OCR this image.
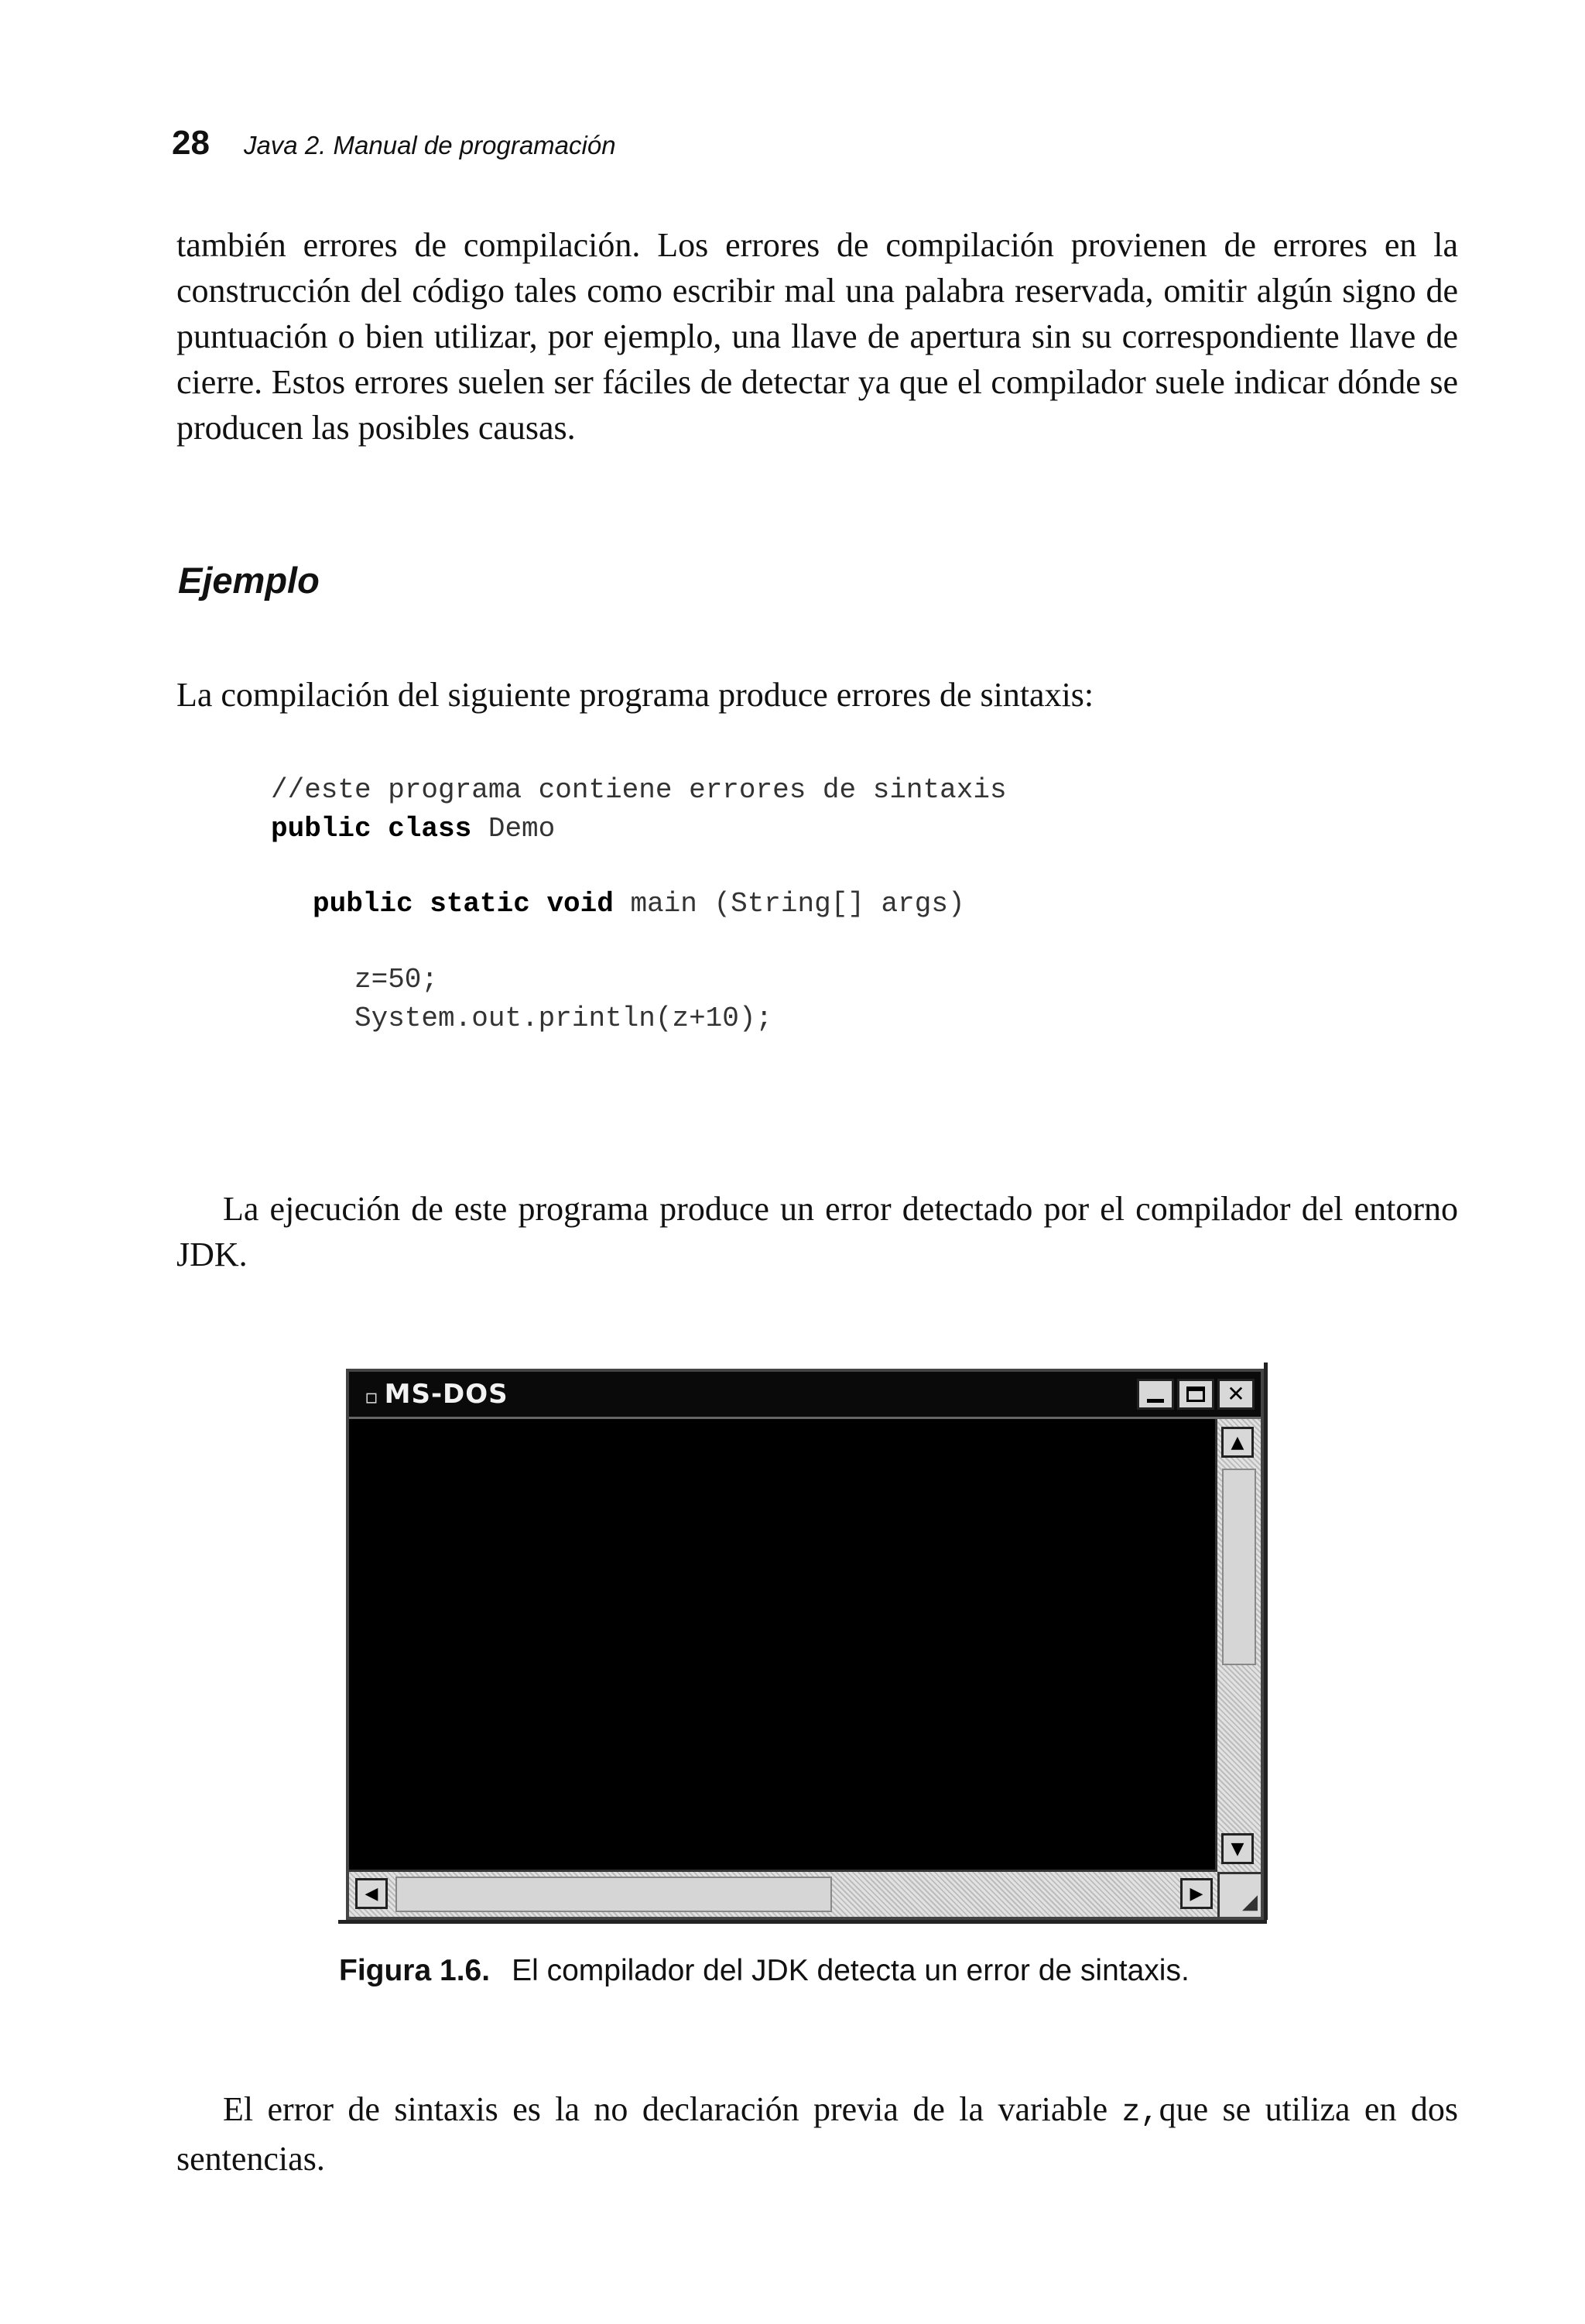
28 Java 2. Manual de programación

también errores de compilación. Los errores de compilación provienen de errores en la construcción del código tales como escribir mal una palabra reservada, omitir algún signo de puntuación o bien utilizar, por ejemplo, una llave de apertura sin su correspondiente llave de cierre. Estos errores suelen ser fáciles de detectar ya que el compilador suele indicar dónde se producen las posibles causas.

Ejemplo

La compilación del siguiente programa produce errores de sintaxis:

//este programa contiene errores de sintaxis

public class Demo

public static void main (String[] args)

z=50;

System.out.println(z+10);

La ejecución de este programa produce un error detectado por el compilador del entorno JDK.

▫ MS-DOS	✕
▲
▼
◀	▶	◢

Figura 1.6. El compilador del JDK detecta un error de sintaxis.

El error de sintaxis es la no declaración previa de la variable z,que se utiliza en dos sentencias.
